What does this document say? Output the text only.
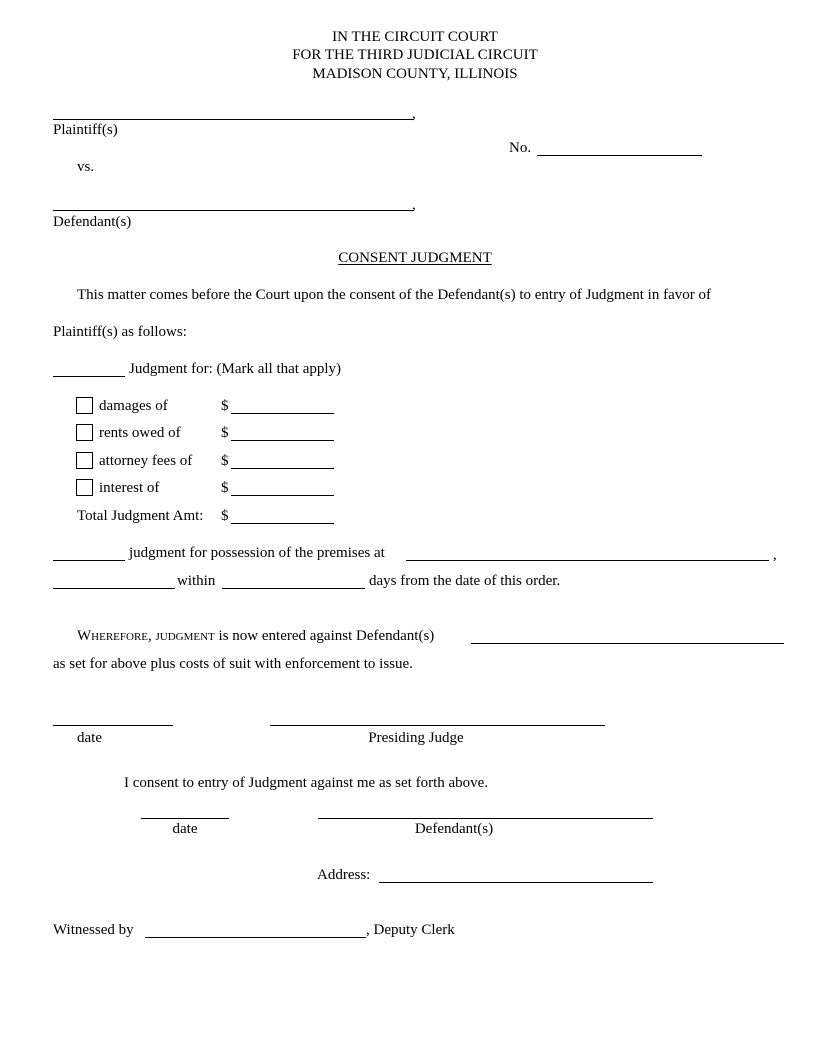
IN THE CIRCUIT COURT
FOR THE THIRD JUDICIAL CIRCUIT
MADISON COUNTY, ILLINOIS
,
Plaintiff(s)
No.
vs.
,
Defendant(s)
CONSENT JUDGMENT
This matter comes before the Court upon the consent of the Defendant(s) to entry of Judgment in favor of
Plaintiff(s) as follows:
Judgment for: (Mark all that apply)
damages of	$
rents owed of	$
attorney fees of $
interest of	$
Total Judgment Amt: $
judgment for possession of the premises at	,
within	days from the date of this order.
Wherefore, judgment is now entered against Defendant(s)
as set for above plus costs of suit with enforcement to issue.
date	Presiding Judge
I consent to entry of Judgment against me as set forth above.
date	Defendant(s)
Address:
Witnessed by	, Deputy Clerk
